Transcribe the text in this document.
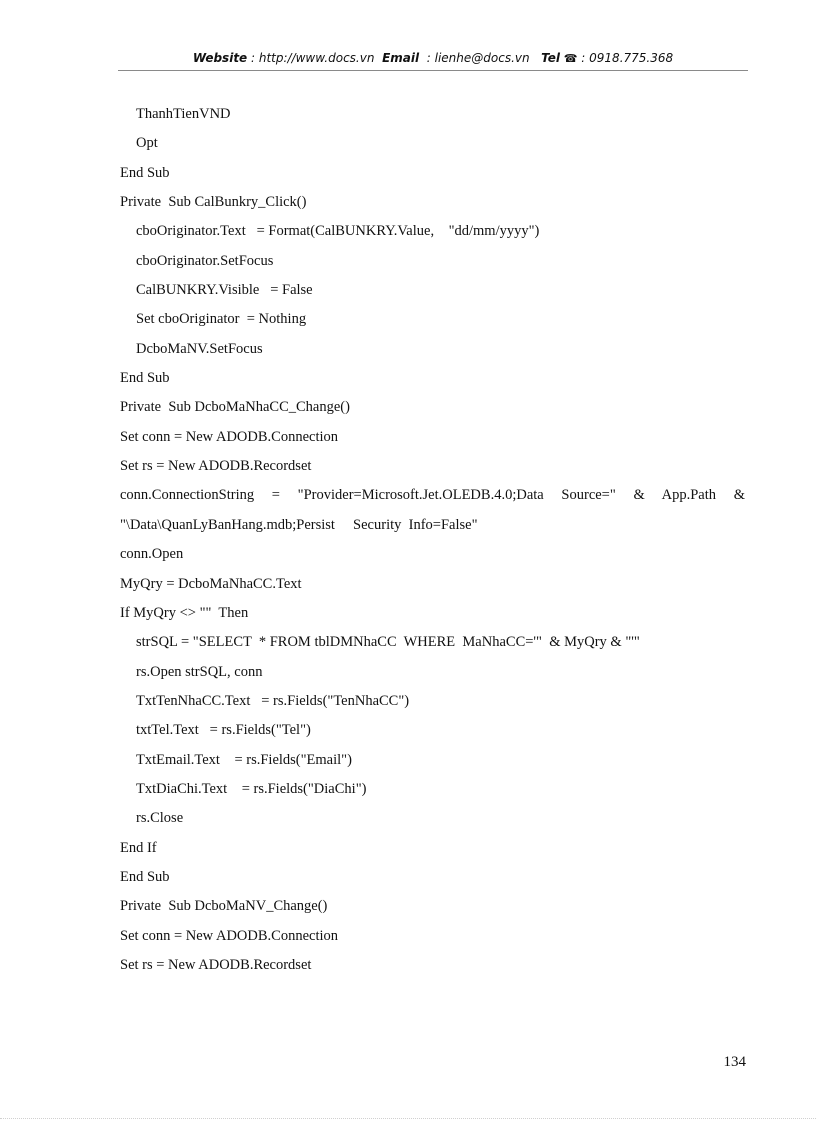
Website : http://www.docs.vn Email  : lienhe@docs.vn Tel ☎ : 0918.775.368
ThanhTienVND
Opt
End Sub
Private  Sub CalBunkry_Click()
cboOriginator.Text   = Format(CalBUNKRY.Value,    "dd/mm/yyyy")
cboOriginator.SetFocus
CalBUNKRY.Visible   = False
Set cboOriginator  = Nothing
DcboMaNV.SetFocus
End Sub
Private  Sub DcboMaNhaCC_Change()
Set conn = New ADODB.Connection
Set rs = New ADODB.Recordset
conn.ConnectionString = "Provider=Microsoft.Jet.OLEDB.4.0;Data Source=" & App.Path &
"\Data\QuanLyBanHang.mdb;Persist     Security  Info=False"
conn.Open
MyQry = DcboMaNhaCC.Text
If MyQry <> ""  Then
strSQL = "SELECT  * FROM tblDMNhaCC  WHERE  MaNhaCC='"  & MyQry & "'"
rs.Open strSQL, conn
TxtTenNhaCC.Text   = rs.Fields("TenNhaCC")
txtTel.Text   = rs.Fields("Tel")
TxtEmail.Text    = rs.Fields("Email")
TxtDiaChi.Text    = rs.Fields("DiaChi")
rs.Close
End If
End Sub
Private  Sub DcboMaNV_Change()
Set conn = New ADODB.Connection
Set rs = New ADODB.Recordset
134
